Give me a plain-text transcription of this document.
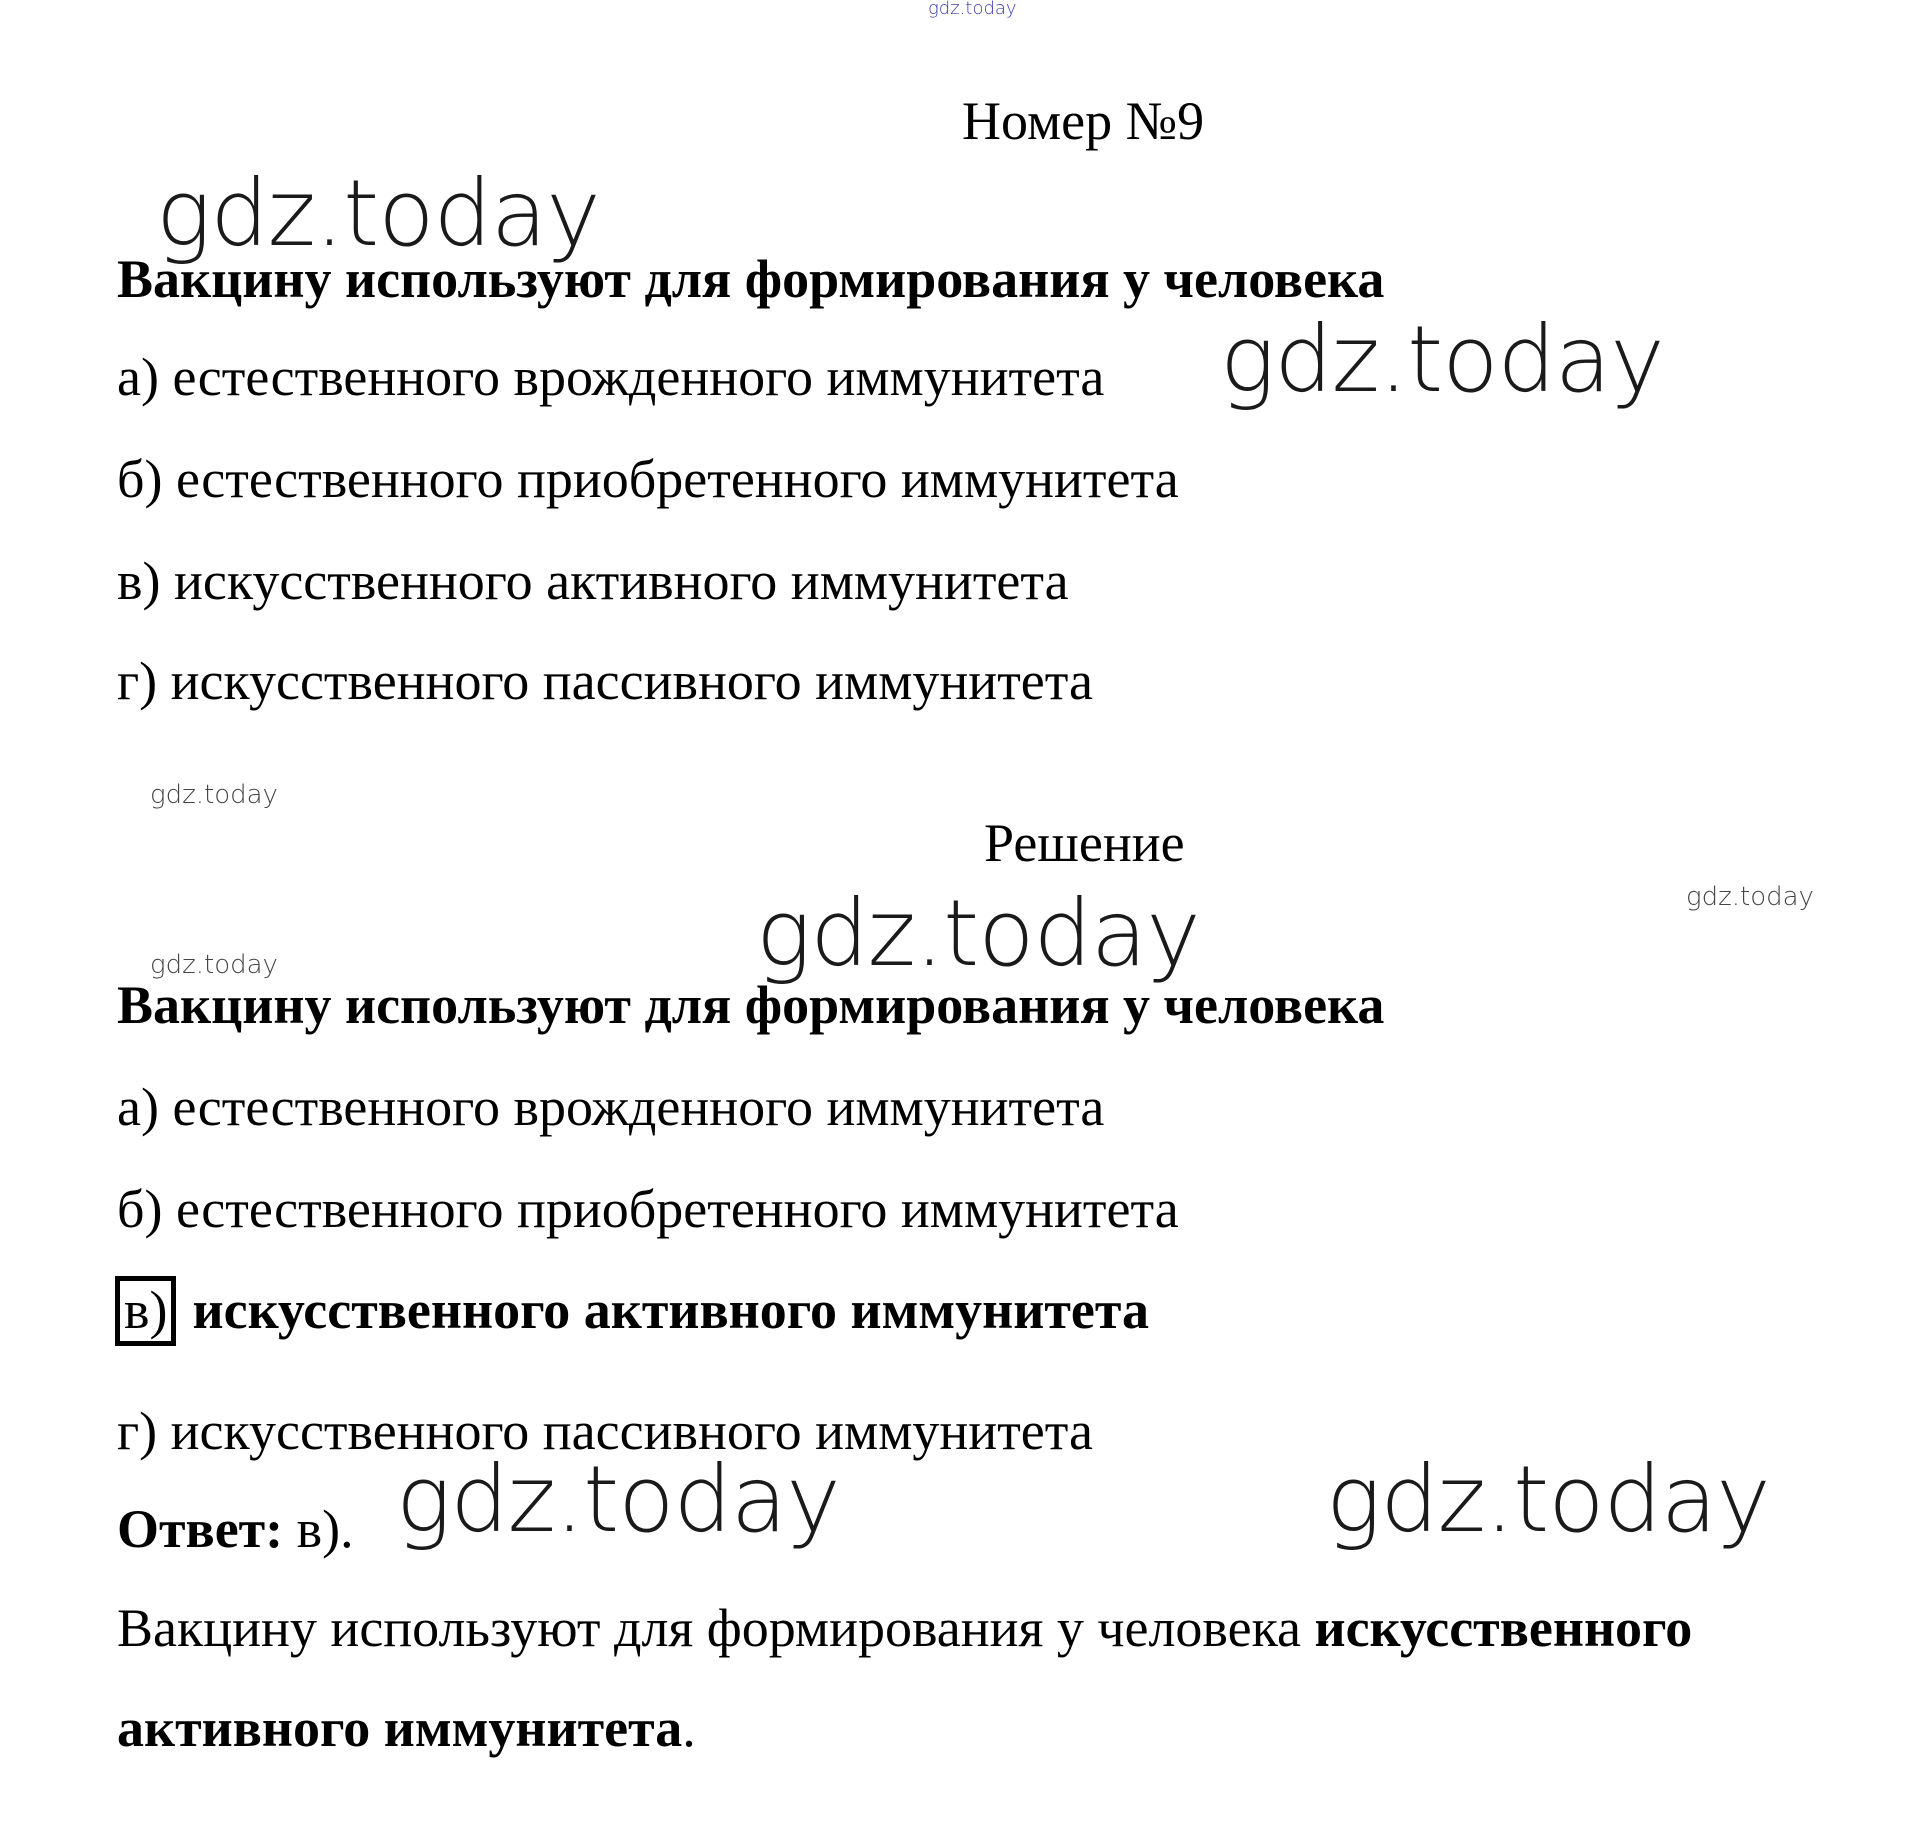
gdz.today
gdz.today
gdz.today
gdz.today
gdz.today
gdz.today
gdz.today
gdz.today	gdz.today
Номер №9
Вакцину используют для формирования у человека
а) естественного врожденного иммунитета
б) естественного приобретенного иммунитета
в) искусственного активного иммунитета
г) искусственного пассивного иммунитета
Решение
Вакцину используют для формирования у человека
а) естественного врожденного иммунитета
б) естественного приобретенного иммунитета
в) искусственного активного иммунитета
г) искусственного пассивного иммунитета
Ответ: в).
Вакцину используют для формирования у человека искусственного активного иммунитета.
